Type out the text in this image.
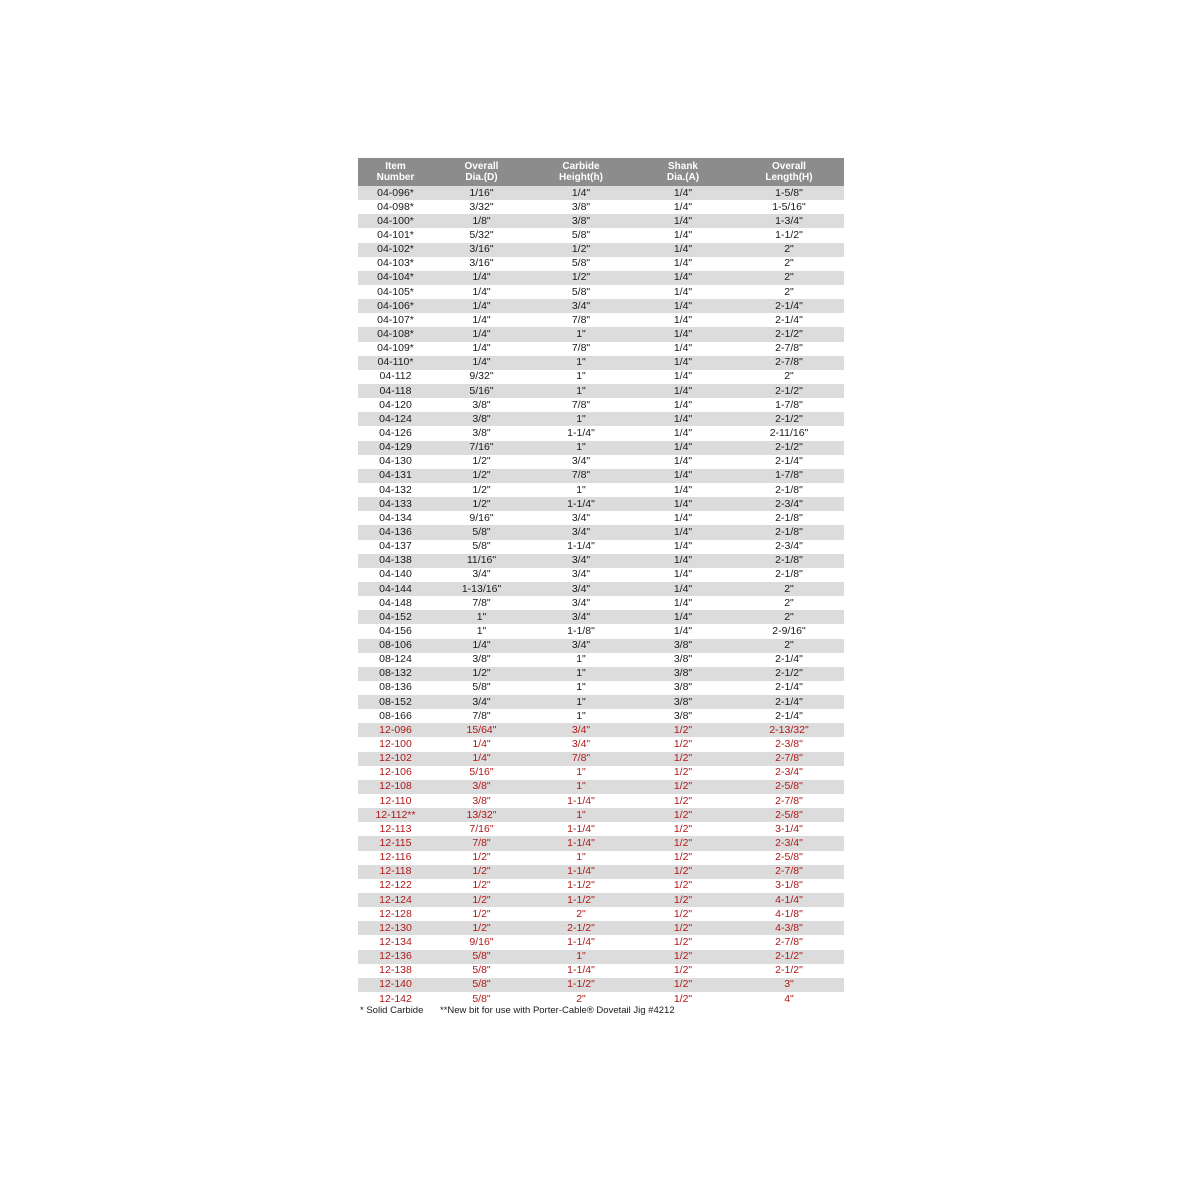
Item
Number	Overall
Dia.(D)	Carbide
Height(h)	Shank
Dia.(A)	Overall
Length(H)

04-096*	1/16"	1/4"	1/4"	1-5/8"
04-098*	3/32"	3/8"	1/4"	1-5/16"
04-100*	1/8"	3/8"	1/4"	1-3/4"
04-101*	5/32"	5/8"	1/4"	1-1/2"
04-102*	3/16"	1/2"	1/4"	2"
04-103*	3/16"	5/8"	1/4"	2"
04-104*	1/4"	1/2"	1/4"	2"
04-105*	1/4"	5/8"	1/4"	2"
04-106*	1/4"	3/4"	1/4"	2-1/4"
04-107*	1/4"	7/8"	1/4"	2-1/4"
04-108*	1/4"	1"	1/4"	2-1/2"
04-109*	1/4"	7/8"	1/4"	2-7/8"
04-110*	1/4"	1"	1/4"	2-7/8"
04-112	9/32"	1"	1/4"	2"
04-118	5/16"	1"	1/4"	2-1/2"
04-120	3/8"	7/8"	1/4"	1-7/8"
04-124	3/8"	1"	1/4"	2-1/2"
04-126	3/8"	1-1/4"	1/4"	2-11/16"
04-129	7/16"	1"	1/4"	2-1/2"
04-130	1/2"	3/4"	1/4"	2-1/4"
04-131	1/2"	7/8"	1/4"	1-7/8"
04-132	1/2"	1"	1/4"	2-1/8"
04-133	1/2"	1-1/4"	1/4"	2-3/4"
04-134	9/16"	3/4"	1/4"	2-1/8"
04-136	5/8"	3/4"	1/4"	2-1/8"
04-137	5/8"	1-1/4"	1/4"	2-3/4"
04-138	11/16"	3/4"	1/4"	2-1/8"
04-140	3/4"	3/4"	1/4"	2-1/8"
04-144	1-13/16"	3/4"	1/4"	2"
04-148	7/8"	3/4"	1/4"	2"
04-152	1"	3/4"	1/4"	2"
04-156	1"	1-1/8"	1/4"	2-9/16"
08-106	1/4"	3/4"	3/8"	2"
08-124	3/8"	1"	3/8"	2-1/4"
08-132	1/2"	1"	3/8"	2-1/2"
08-136	5/8"	1"	3/8"	2-1/4"
08-152	3/4"	1"	3/8"	2-1/4"
08-166	7/8"	1"	3/8"	2-1/4"
12-096	15/64"	3/4"	1/2"	2-13/32"
12-100	1/4"	3/4"	1/2"	2-3/8"
12-102	1/4"	7/8"	1/2"	2-7/8"
12-106	5/16"	1"	1/2"	2-3/4"
12-108	3/8"	1"	1/2"	2-5/8"
12-110	3/8"	1-1/4"	1/2"	2-7/8"
12-112**	13/32"	1"	1/2"	2-5/8"
12-113	7/16"	1-1/4"	1/2"	3-1/4"
12-115	7/8"	1-1/4"	1/2"	2-3/4"
12-116	1/2"	1"	1/2"	2-5/8"
12-118	1/2"	1-1/4"	1/2"	2-7/8"
12-122	1/2"	1-1/2"	1/2"	3-1/8"
12-124	1/2"	1-1/2"	1/2"	4-1/4"
12-128	1/2"	2"	1/2"	4-1/8"
12-130	1/2"	2-1/2"	1/2"	4-3/8"
12-134	9/16"	1-1/4"	1/2"	2-7/8"
12-136	5/8"	1"	1/2"	2-1/2"
12-138	5/8"	1-1/4"	1/2"	2-1/2"
12-140	5/8"	1-1/2"	1/2"	3"
12-142	5/8"	2"	1/2"	4"
* Solid Carbide **New bit for use with Porter-Cable® Dovetail Jig #4212
